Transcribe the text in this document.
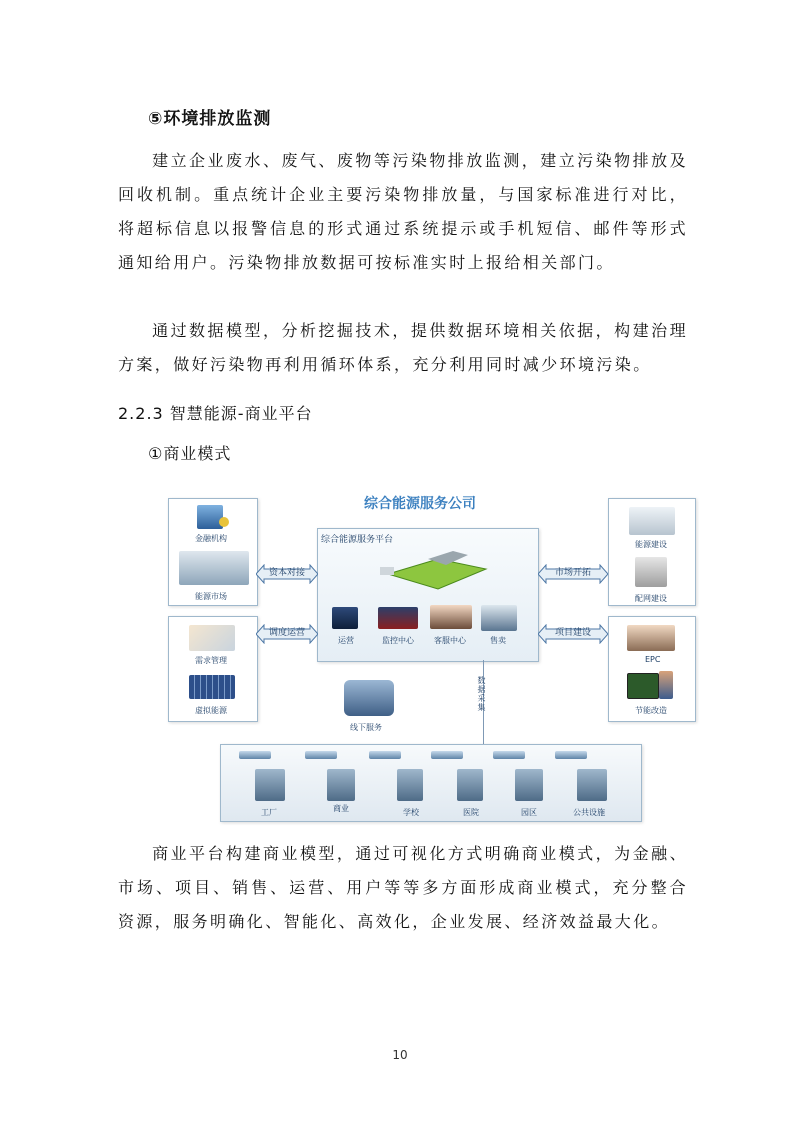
⑤环境排放监测
建立企业废水、废气、废物等污染物排放监测，建立污染物排放及回收机制。重点统计企业主要污染物排放量，与国家标准进行对比，将超标信息以报警信息的形式通过系统提示或手机短信、邮件等形式通知给用户。污染物排放数据可按标准实时上报给相关部门。
通过数据模型，分析挖掘技术，提供数据环境相关依据，构建治理方案，做好污染物再利用循环体系，充分利用同时减少环境污染。
2.2.3 智慧能源-商业平台
①商业模式
综合能源服务公司
金融机构
能源市场
需求管理
虚拟能源
能源建设
配网建设
EPC
节能改造
综合能源服务平台
运营	监控中心	客服中心	售卖
资本对接
调度运营
市场开拓
项目建设
线下服务
数据采集
工厂	商业	学校	医院	园区	公共设施
商业平台构建商业模型，通过可视化方式明确商业模式，为金融、市场、项目、销售、运营、用户等等多方面形成商业模式，充分整合资源，服务明确化、智能化、高效化，企业发展、经济效益最大化。
10
